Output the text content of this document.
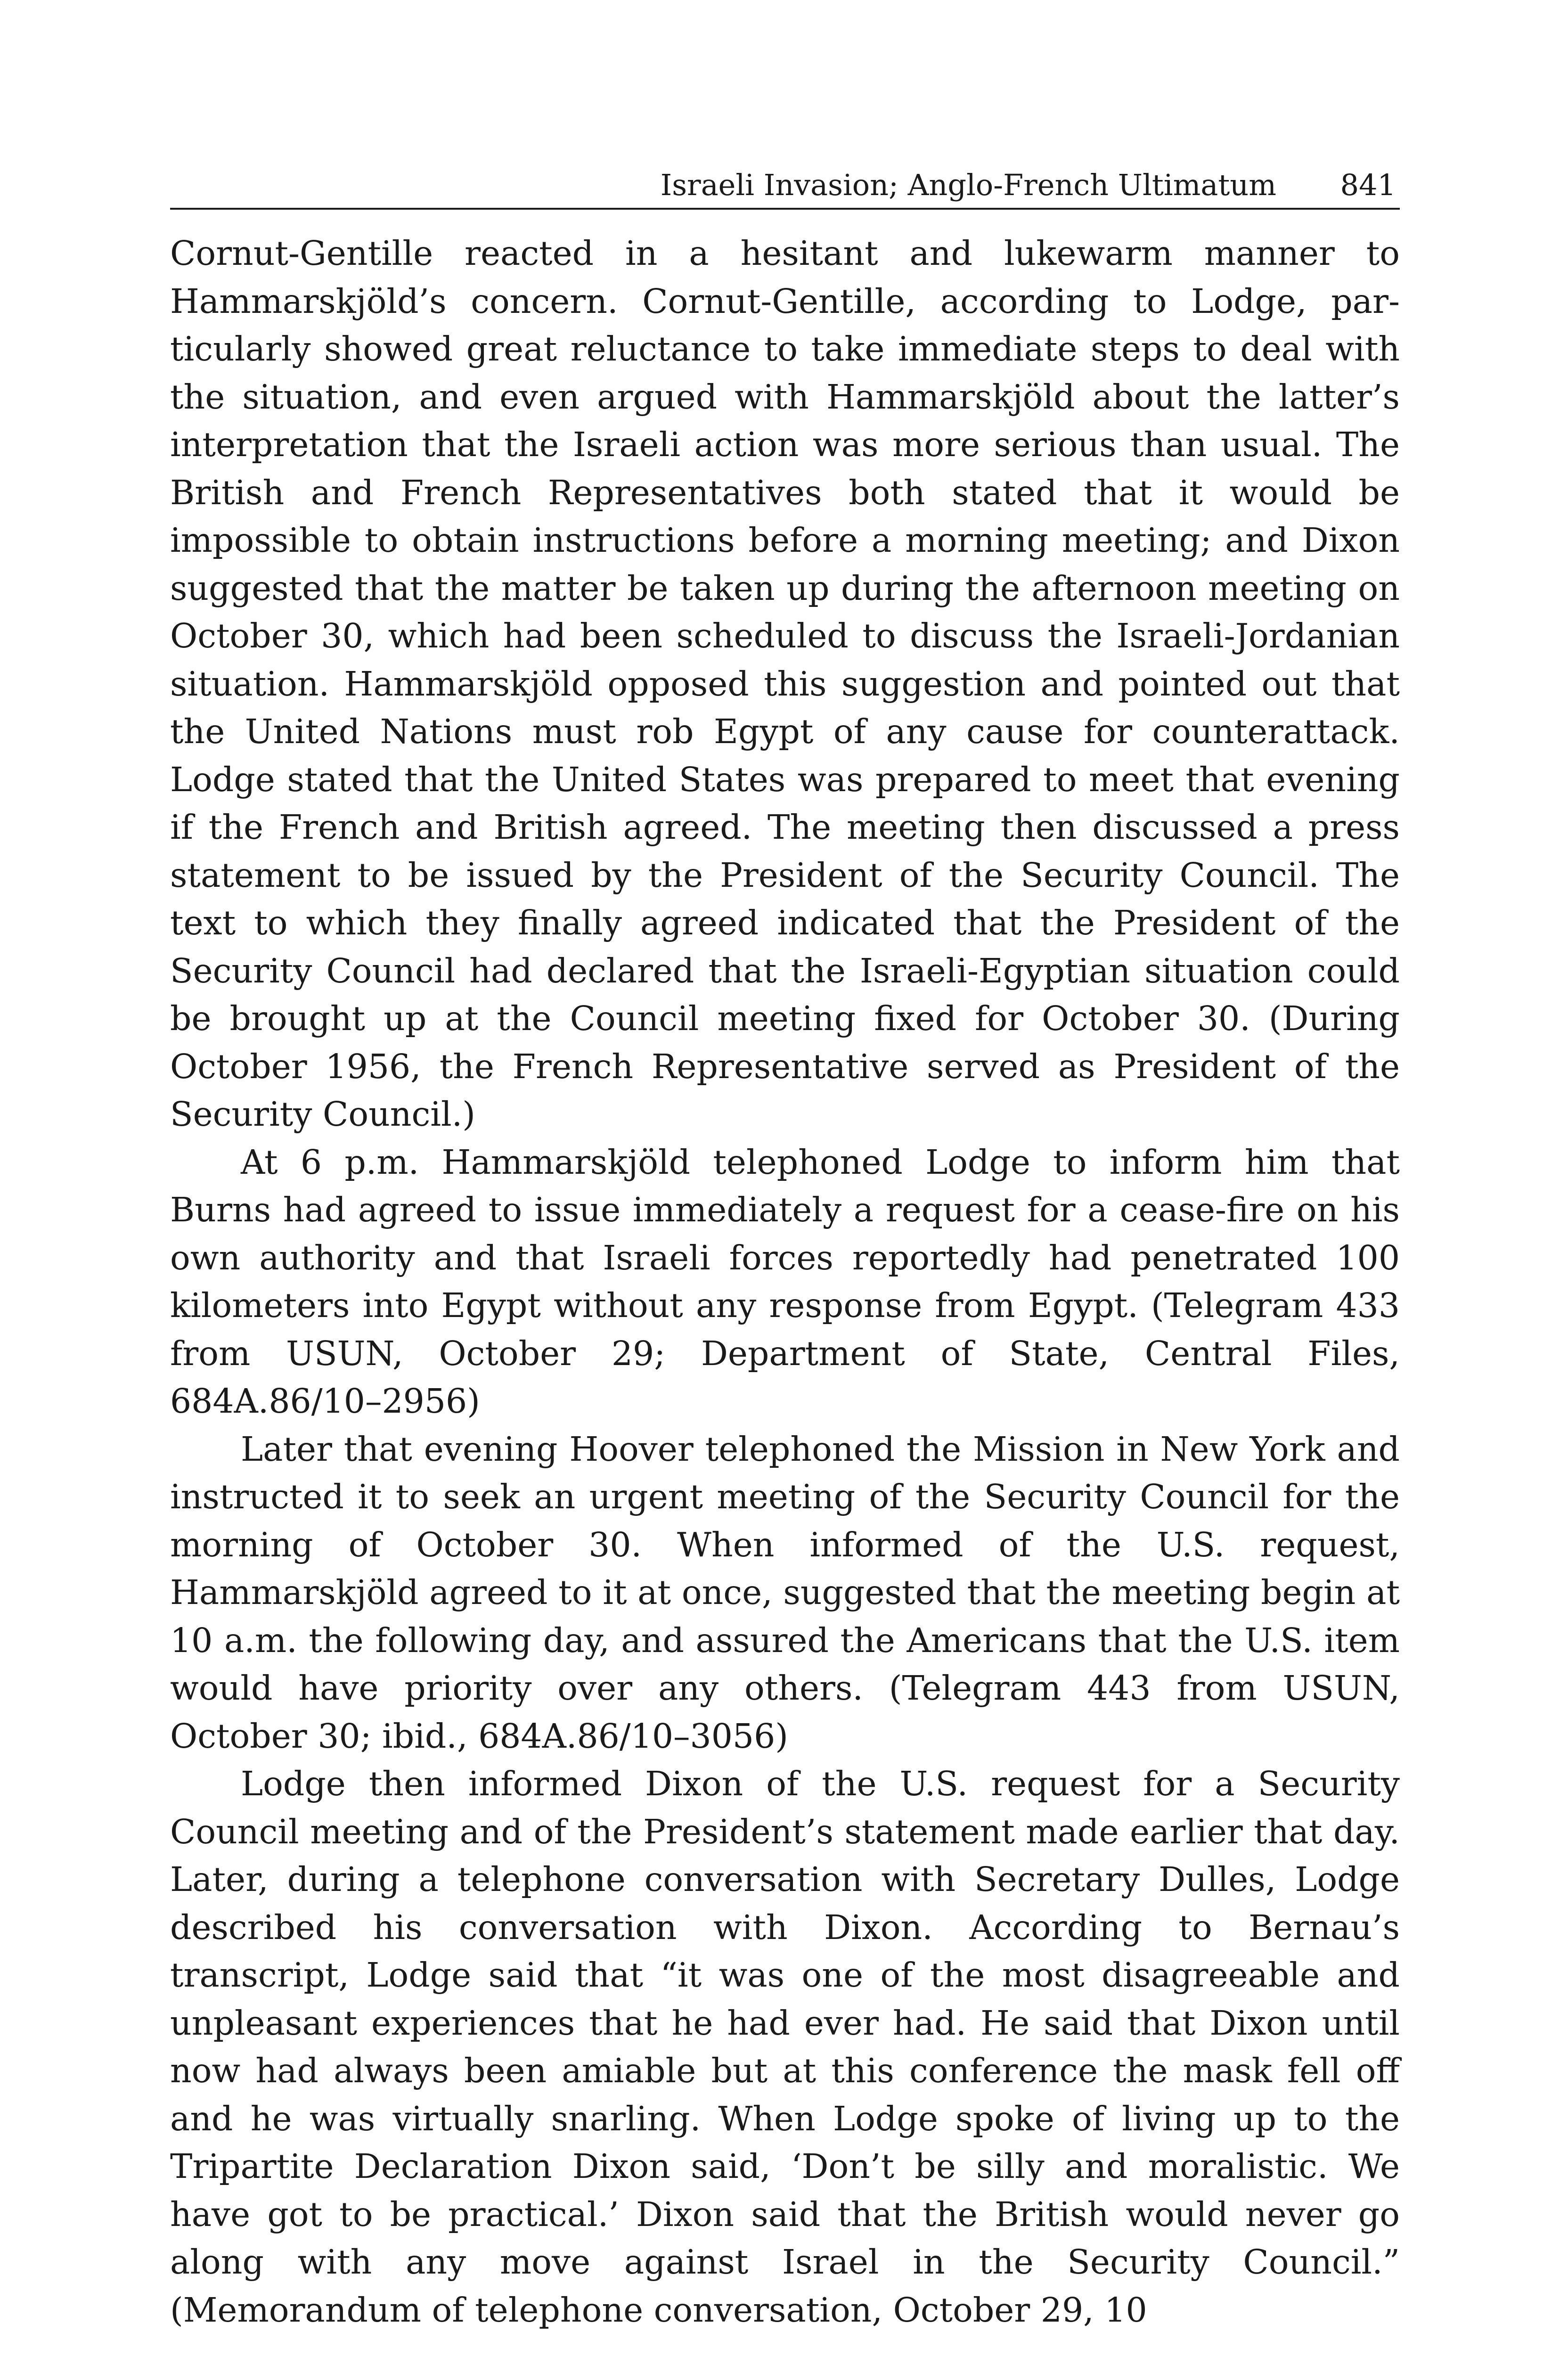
Israeli Invasion; Anglo-French Ultimatum 841

Cornut-Gentille reacted in a hesitant and lukewarm manner to Hammarskjöld’s concern. Cornut-Gentille, according to Lodge, particularly showed great reluctance to take immediate steps to deal with the situation, and even argued with Hammarskjöld about the latter’s interpretation that the Israeli action was more serious than usual. The British and French Representatives both stated that it would be impossible to obtain instructions before a morning meeting; and Dixon suggested that the matter be taken up during the afternoon meeting on October 30, which had been scheduled to discuss the Israeli-Jordanian situation. Hammarskjöld opposed this suggestion and pointed out that the United Nations must rob Egypt of any cause for counterattack. Lodge stated that the United States was prepared to meet that evening if the French and British agreed. The meeting then discussed a press statement to be issued by the President of the Security Council. The text to which they finally agreed indicated that the President of the Security Council had declared that the Israeli-Egyptian situation could be brought up at the Council meeting fixed for October 30. (During October 1956, the French Representative served as President of the Security Council.)

At 6 p.m. Hammarskjöld telephoned Lodge to inform him that Burns had agreed to issue immediately a request for a cease-fire on his own authority and that Israeli forces reportedly had penetrated 100 kilometers into Egypt without any response from Egypt. (Telegram 433 from USUN, October 29; Department of State, Central Files, 684A.86/10–2956)

Later that evening Hoover telephoned the Mission in New York and instructed it to seek an urgent meeting of the Security Council for the morning of October 30. When informed of the U.S. request, Hammarskjöld agreed to it at once, suggested that the meeting begin at 10 a.m. the following day, and assured the Americans that the U.S. item would have priority over any others. (Telegram 443 from USUN, October 30; ibid., 684A.86/10–3056)

Lodge then informed Dixon of the U.S. request for a Security Council meeting and of the President’s statement made earlier that day. Later, during a telephone conversation with Secretary Dulles, Lodge described his conversation with Dixon. According to Bernau’s transcript, Lodge said that “it was one of the most disagreeable and unpleasant experiences that he had ever had. He said that Dixon until now had always been amiable but at this conference the mask fell off and he was virtually snarling. When Lodge spoke of living up to the Tripartite Declaration Dixon said, ‘Don’t be silly and moralistic. We have got to be practical.’ Dixon said that the British would never go along with any move against Israel in the Security Council.” (Memorandum of telephone conversation, October 29, 10
